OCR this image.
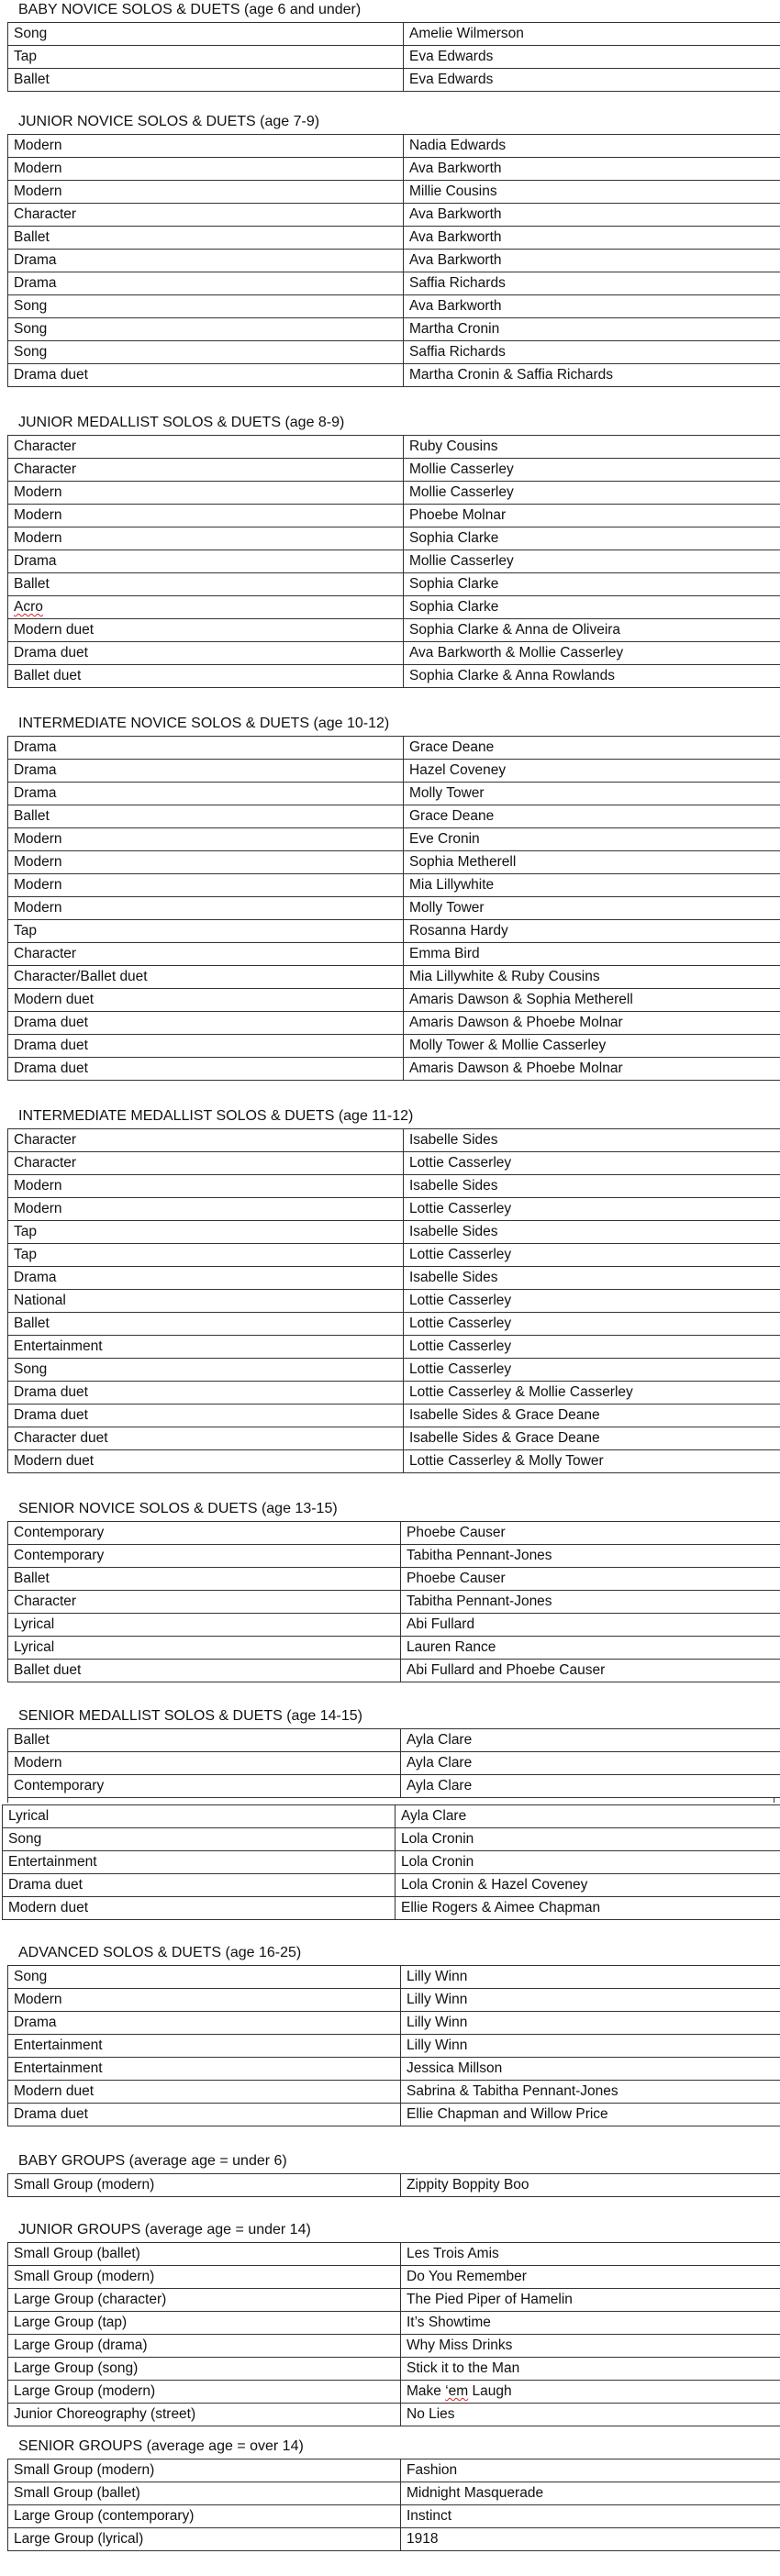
BABY NOVICE SOLOS & DUETS (age 6 and under)
Song	Amelie Wilmerson
Tap	Eva Edwards
Ballet	Eva Edwards
JUNIOR NOVICE SOLOS & DUETS (age 7-9)
Modern	Nadia Edwards
Modern	Ava Barkworth
Modern	Millie Cousins
Character	Ava Barkworth
Ballet	Ava Barkworth
Drama	Ava Barkworth
Drama	Saffia Richards
Song	Ava Barkworth
Song	Martha Cronin
Song	Saffia Richards
Drama duet	Martha Cronin & Saffia Richards
JUNIOR MEDALLIST SOLOS & DUETS (age 8-9)
Character	Ruby Cousins
Character	Mollie Casserley
Modern	Mollie Casserley
Modern	Phoebe Molnar
Modern	Sophia Clarke
Drama	Mollie Casserley
Ballet	Sophia Clarke
Acro	Sophia Clarke
Modern duet	Sophia Clarke & Anna de Oliveira
Drama duet	Ava Barkworth & Mollie Casserley
Ballet duet	Sophia Clarke & Anna Rowlands
INTERMEDIATE NOVICE SOLOS & DUETS (age 10-12)
Drama	Grace Deane
Drama	Hazel Coveney
Drama	Molly Tower
Ballet	Grace Deane
Modern	Eve Cronin
Modern	Sophia Metherell
Modern	Mia Lillywhite
Modern	Molly Tower
Tap	Rosanna Hardy
Character	Emma Bird
Character/Ballet duet	Mia Lillywhite & Ruby Cousins
Modern duet	Amaris Dawson & Sophia Metherell
Drama duet	Amaris Dawson & Phoebe Molnar
Drama duet	Molly Tower & Mollie Casserley
Drama duet	Amaris Dawson & Phoebe Molnar
INTERMEDIATE MEDALLIST SOLOS & DUETS (age 11-12)
Character	Isabelle Sides
Character	Lottie Casserley
Modern	Isabelle Sides
Modern	Lottie Casserley
Tap	Isabelle Sides
Tap	Lottie Casserley
Drama	Isabelle Sides
National	Lottie Casserley
Ballet	Lottie Casserley
Entertainment	Lottie Casserley
Song	Lottie Casserley
Drama duet	Lottie Casserley & Mollie Casserley
Drama duet	Isabelle Sides & Grace Deane
Character duet	Isabelle Sides & Grace Deane
Modern duet	Lottie Casserley & Molly Tower
SENIOR NOVICE SOLOS & DUETS (age 13-15)
Contemporary	Phoebe Causer
Contemporary	Tabitha Pennant-Jones
Ballet	Phoebe Causer
Character	Tabitha Pennant-Jones
Lyrical	Abi Fullard
Lyrical	Lauren Rance
Ballet duet	Abi Fullard and Phoebe Causer
SENIOR MEDALLIST SOLOS & DUETS (age 14-15)
Ballet	Ayla Clare
Modern	Ayla Clare
Contemporary	Ayla Clare
Lyrical	Ayla Clare
Song	Lola Cronin
Entertainment	Lola Cronin
Drama duet	Lola Cronin & Hazel Coveney
Modern duet	Ellie Rogers & Aimee Chapman
ADVANCED SOLOS & DUETS (age 16-25)
Song	Lilly Winn
Modern	Lilly Winn
Drama	Lilly Winn
Entertainment	Lilly Winn
Entertainment	Jessica Millson
Modern duet	Sabrina & Tabitha Pennant-Jones
Drama duet	Ellie Chapman and Willow Price
BABY GROUPS (average age = under 6)
Small Group (modern)	Zippity Boppity Boo
JUNIOR GROUPS (average age = under 14)
Small Group (ballet)	Les Trois Amis
Small Group (modern)	Do You Remember
Large Group (character)	The Pied Piper of Hamelin
Large Group (tap)	It’s Showtime
Large Group (drama)	Why Miss Drinks
Large Group (song)	Stick it to the Man
Large Group (modern)	Make ‘em Laugh
Junior Choreography (street)	No Lies
SENIOR GROUPS (average age = over 14)
Small Group (modern)	Fashion
Small Group (ballet)	Midnight Masquerade
Large Group (contemporary)	Instinct
Large Group (lyrical)	1918
